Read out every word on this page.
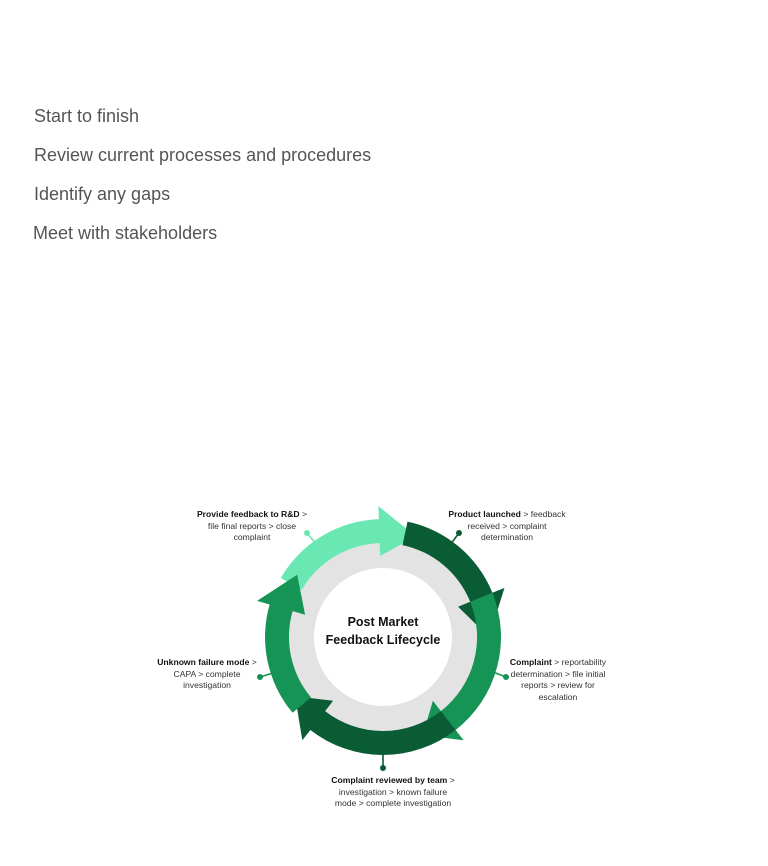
Start to finish
Review current processes and procedures
Identify any gaps
Meet with stakeholders
Post Market Feedback Lifecycle
Product launched > feedback received > complaint determination
Complaint > reportability determination > file initial reports > review for escalation
Complaint reviewed by team > investigation > known failure mode > complete investigation
Unknown failure mode > CAPA > complete investigation
Provide feedback to R&D > file final reports > close complaint
